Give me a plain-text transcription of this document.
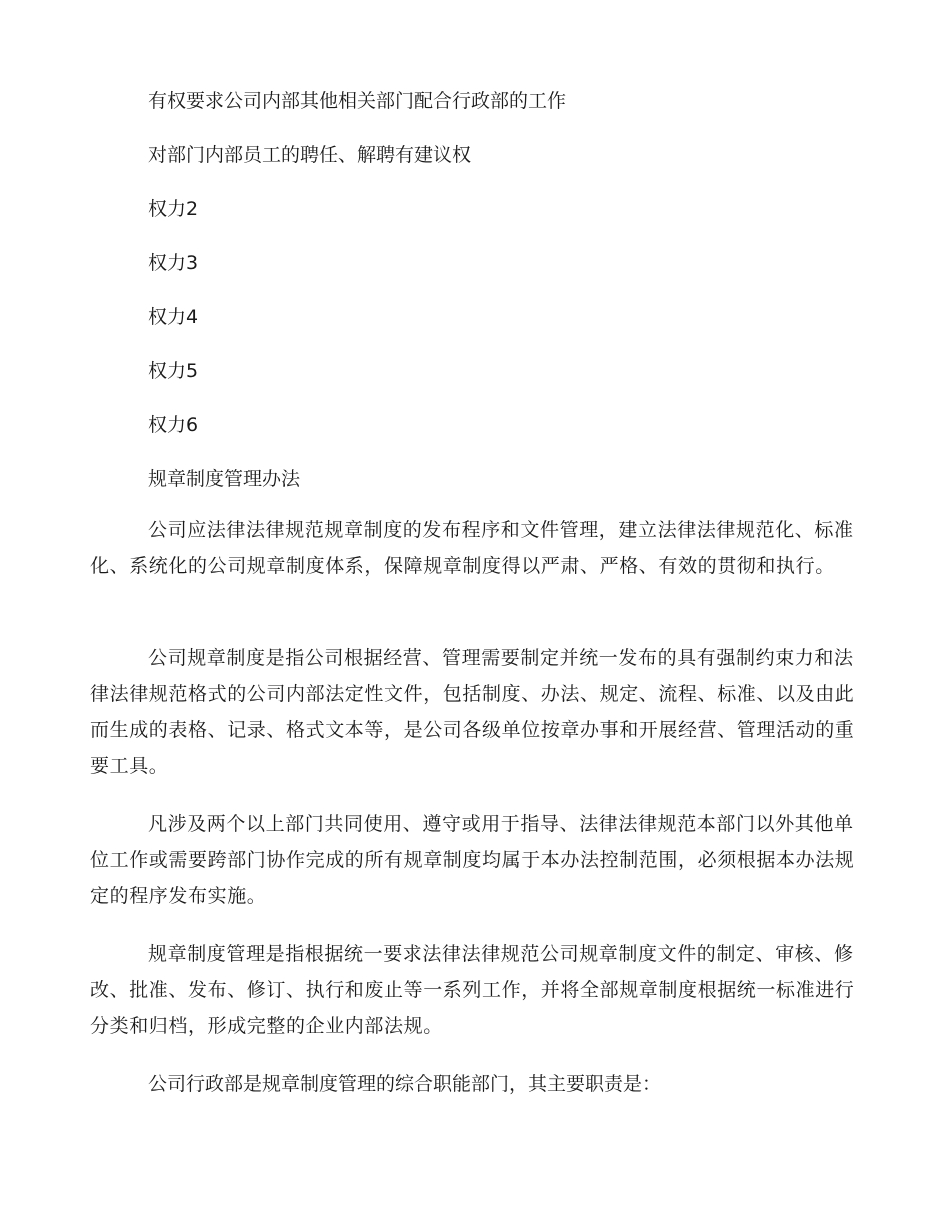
有权要求公司内部其他相关部门配合行政部的工作

对部门内部员工的聘任、解聘有建议权

权力2

权力3

权力4

权力5

权力6

规章制度管理办法

公司应法律法律规范规章制度的发布程序和文件管理，建立法律法律规范化、标准化、系统化的公司规章制度体系，保障规章制度得以严肃、严格、有效的贯彻和执行。

公司规章制度是指公司根据经营、管理需要制定并统一发布的具有强制约束力和法律法律规范格式的公司内部法定性文件，包括制度、办法、规定、流程、标准、以及由此而生成的表格、记录、格式文本等，是公司各级单位按章办事和开展经营、管理活动的重要工具。

凡涉及两个以上部门共同使用、遵守或用于指导、法律法律规范本部门以外其他单位工作或需要跨部门协作完成的所有规章制度均属于本办法控制范围，必须根据本办法规定的程序发布实施。

规章制度管理是指根据统一要求法律法律规范公司规章制度文件的制定、审核、修改、批准、发布、修订、执行和废止等一系列工作，并将全部规章制度根据统一标准进行分类和归档，形成完整的企业内部法规。

公司行政部是规章制度管理的综合职能部门，其主要职责是：
